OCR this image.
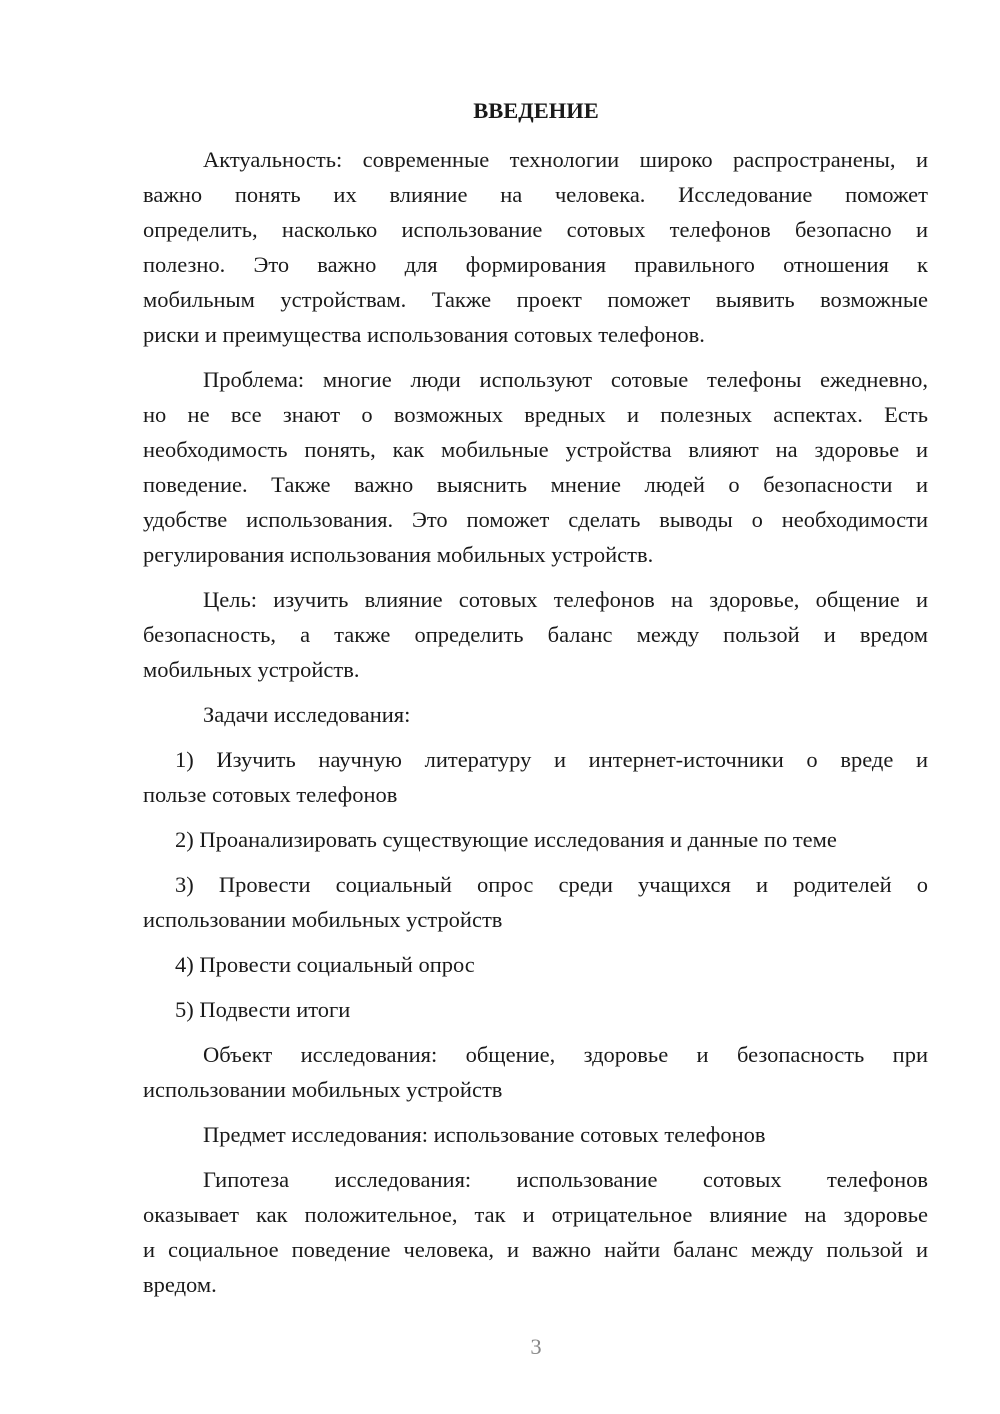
ВВЕДЕНИЕ
Актуальность: современные технологии широко распространены, и
важно понять их влияние на человека. Исследование поможет
определить, насколько использование сотовых телефонов безопасно и
полезно. Это важно для формирования правильного отношения к
мобильным устройствам. Также проект поможет выявить возможные
риски и преимущества использования сотовых телефонов.
Проблема: многие люди используют сотовые телефоны ежедневно,
но не все знают о возможных вредных и полезных аспектах. Есть
необходимость понять, как мобильные устройства влияют на здоровье и
поведение. Также важно выяснить мнение людей о безопасности и
удобстве использования. Это поможет сделать выводы о необходимости
регулирования использования мобильных устройств.
Цель: изучить влияние сотовых телефонов на здоровье, общение и
безопасность, а также определить баланс между пользой и вредом
мобильных устройств.
Задачи исследования:
1) Изучить научную литературу и интернет-источники о вреде и
пользе сотовых телефонов
2) Проанализировать существующие исследования и данные по теме
3) Провести социальный опрос среди учащихся и родителей о
использовании мобильных устройств
4) Провести социальный опрос
5) Подвести итоги
Объект исследования: общение, здоровье и безопасность при
использовании мобильных устройств
Предмет исследования: использование сотовых телефонов
Гипотеза исследования: использование сотовых телефонов
оказывает как положительное, так и отрицательное влияние на здоровье
и социальное поведение человека, и важно найти баланс между пользой и
вредом.
3
